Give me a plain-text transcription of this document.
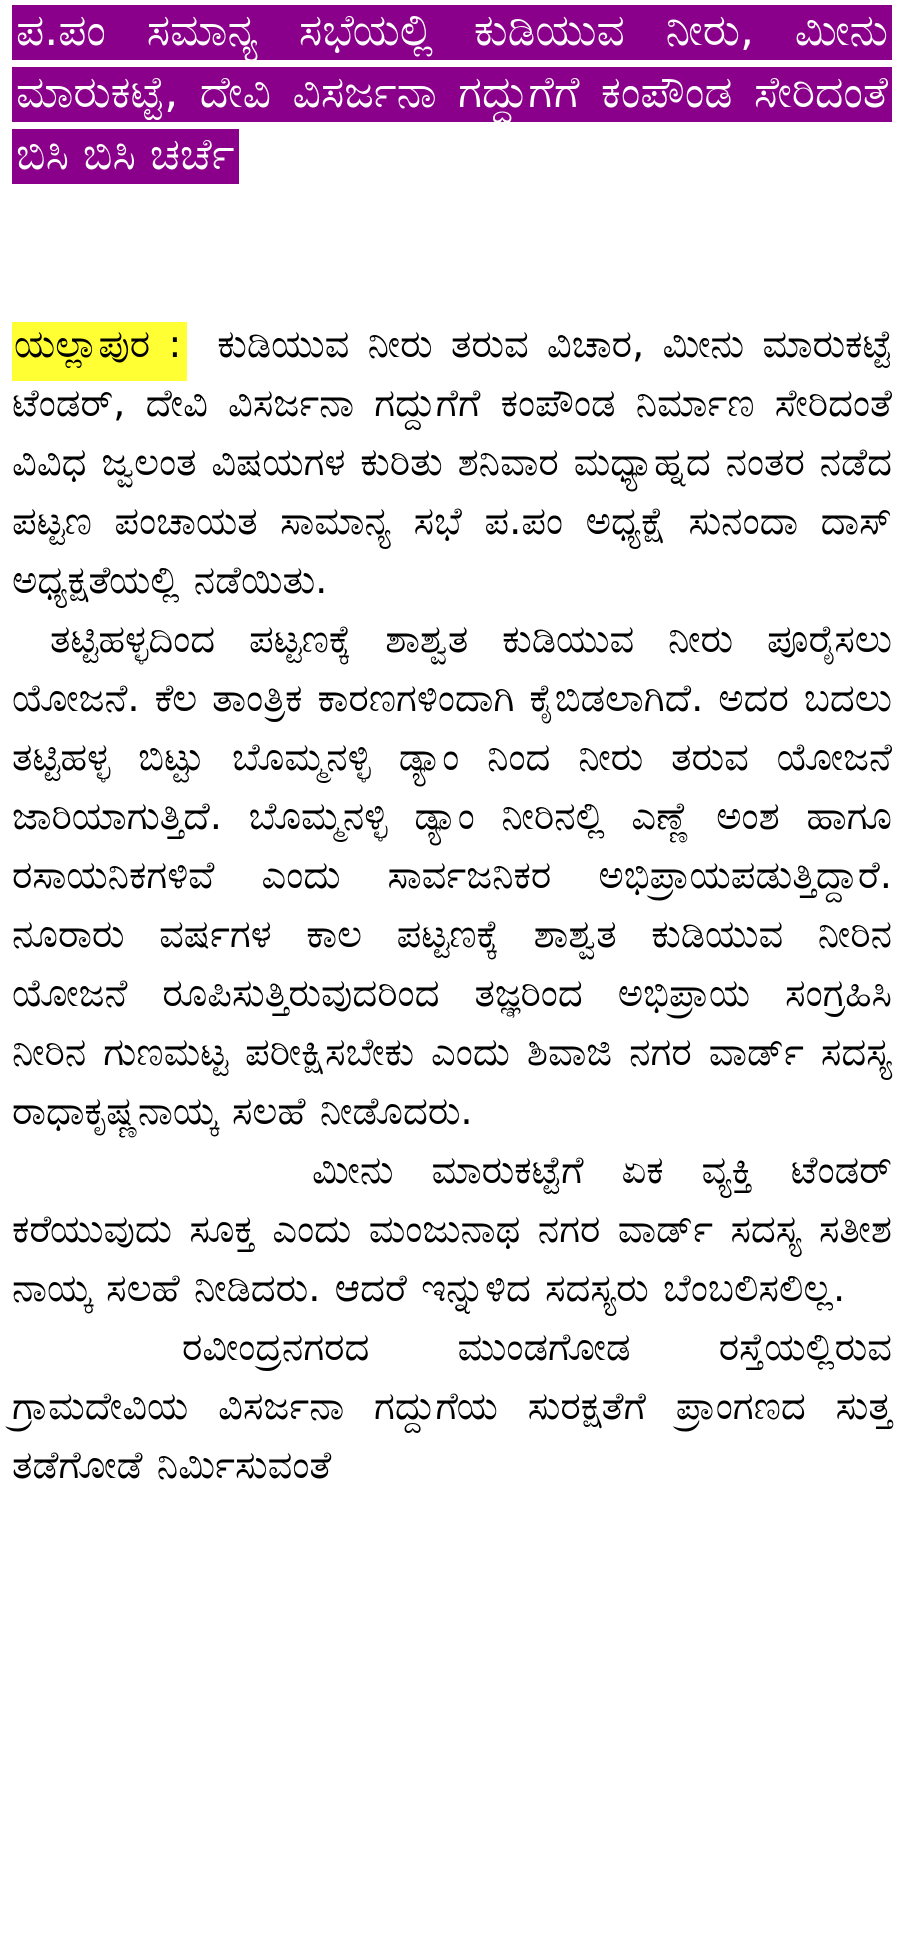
ಪ.ಪಂ ಸಮಾನ್ಯ ಸಭೆಯಲ್ಲಿ ಕುಡಿಯುವ ನೀರು, ಮೀನು ಮಾರುಕಟ್ಟೆ, ದೇವಿ ವಿಸರ್ಜನಾ ಗದ್ದುಗೆಗೆ ಕಂಪೌಂಡ ಸೇರಿದಂತೆ ಬಿಸಿ ಬಿಸಿ ಚರ್ಚೆ

ಯಲ್ಲಾಪುರ : ಕುಡಿಯುವ ನೀರು ತರುವ ವಿಚಾರ, ಮೀನು ಮಾರುಕಟ್ಟೆ ಟೆಂಡರ್, ದೇವಿ ವಿಸರ್ಜನಾ ಗದ್ದುಗೆಗೆ ಕಂಪೌಂಡ ನಿರ್ಮಾಣ ಸೇರಿದಂತೆ ವಿವಿಧ ಜ್ವಲಂತ ವಿಷಯಗಳ ಕುರಿತು ಶನಿವಾರ ಮಧ್ಯಾಹ್ನದ ನಂತರ ನಡೆದ ಪಟ್ಟಣ ಪಂಚಾಯತ ಸಾಮಾನ್ಯ ಸಭೆ ಪ.ಪಂ ಅಧ್ಯಕ್ಷೆ ಸುನಂದಾ ದಾಸ್ ಅಧ್ಯಕ್ಷತೆಯಲ್ಲಿ ನಡೆಯಿತು.

ತಟ್ಟಿಹಳ್ಳದಿಂದ ಪಟ್ಟಣಕ್ಕೆ ಶಾಶ್ವತ ಕುಡಿಯುವ ನೀರು ಪೂರೈಸಲು ಯೋಜನೆ. ಕೆಲ ತಾಂತ್ರಿಕ ಕಾರಣಗಳಿಂದಾಗಿ ಕೈಬಿಡಲಾಗಿದೆ. ಅದರ ಬದಲು ತಟ್ಟಿಹಳ್ಳ ಬಿಟ್ಟು ಬೊಮ್ಮನಳ್ಳಿ ಡ್ಯಾಂ ನಿಂದ ನೀರು ತರುವ ಯೋಜನೆ ಜಾರಿಯಾಗುತ್ತಿದೆ. ಬೊಮ್ಮನಳ್ಳಿ ಡ್ಯಾಂ ನೀರಿನಲ್ಲಿ ಎಣ್ಣೆ ಅಂಶ ಹಾಗೂ ರಸಾಯನಿಕಗಳಿವೆ ಎಂದು ಸಾರ್ವಜನಿಕರ ಅಭಿಪ್ರಾಯಪಡುತ್ತಿದ್ದಾರೆ. ನೂರಾರು ವರ್ಷಗಳ ಕಾಲ ಪಟ್ಟಣಕ್ಕೆ ಶಾಶ್ವತ ಕುಡಿಯುವ ನೀರಿನ ಯೋಜನೆ ರೂಪಿಸುತ್ತಿರುವುದರಿಂದ ತಜ್ಞರಿಂದ ಅಭಿಪ್ರಾಯ ಸಂಗ್ರಹಿಸಿ ನೀರಿನ ಗುಣಮಟ್ಟ ಪರೀಕ್ಷಿಸಬೇಕು ಎಂದು ಶಿವಾಜಿ ನಗರ ವಾರ್ಡ್ ಸದಸ್ಯ ರಾಧಾಕೃಷ್ಣನಾಯ್ಕ ಸಲಹೆ ನೀಡೊದರು.

ಮೀನು ಮಾರುಕಟ್ಟೆಗೆ ಏಕ ವ್ಯಕ್ತಿ ಟೆಂಡರ್ ಕರೆಯುವುದು ಸೂಕ್ತ ಎಂದು ಮಂಜುನಾಥ ನಗರ ವಾರ್ಡ್ ಸದಸ್ಯ ಸತೀಶ ನಾಯ್ಕ ಸಲಹೆ ನೀಡಿದರು. ಆದರೆ ಇನ್ನುಳಿದ ಸದಸ್ಯರು ಬೆಂಬಲಿಸಲಿಲ್ಲ.

ರವೀಂದ್ರನಗರದ ಮುಂಡಗೋಡ ರಸ್ತೆಯಲ್ಲಿರುವ ಗ್ರಾಮದೇವಿಯ ವಿಸರ್ಜನಾ ಗದ್ದುಗೆಯ ಸುರಕ್ಷತೆಗೆ ಪ್ರಾಂಗಣದ ಸುತ್ತ ತಡೆಗೋಡೆ ನಿರ್ಮಿಸುವಂತೆ
